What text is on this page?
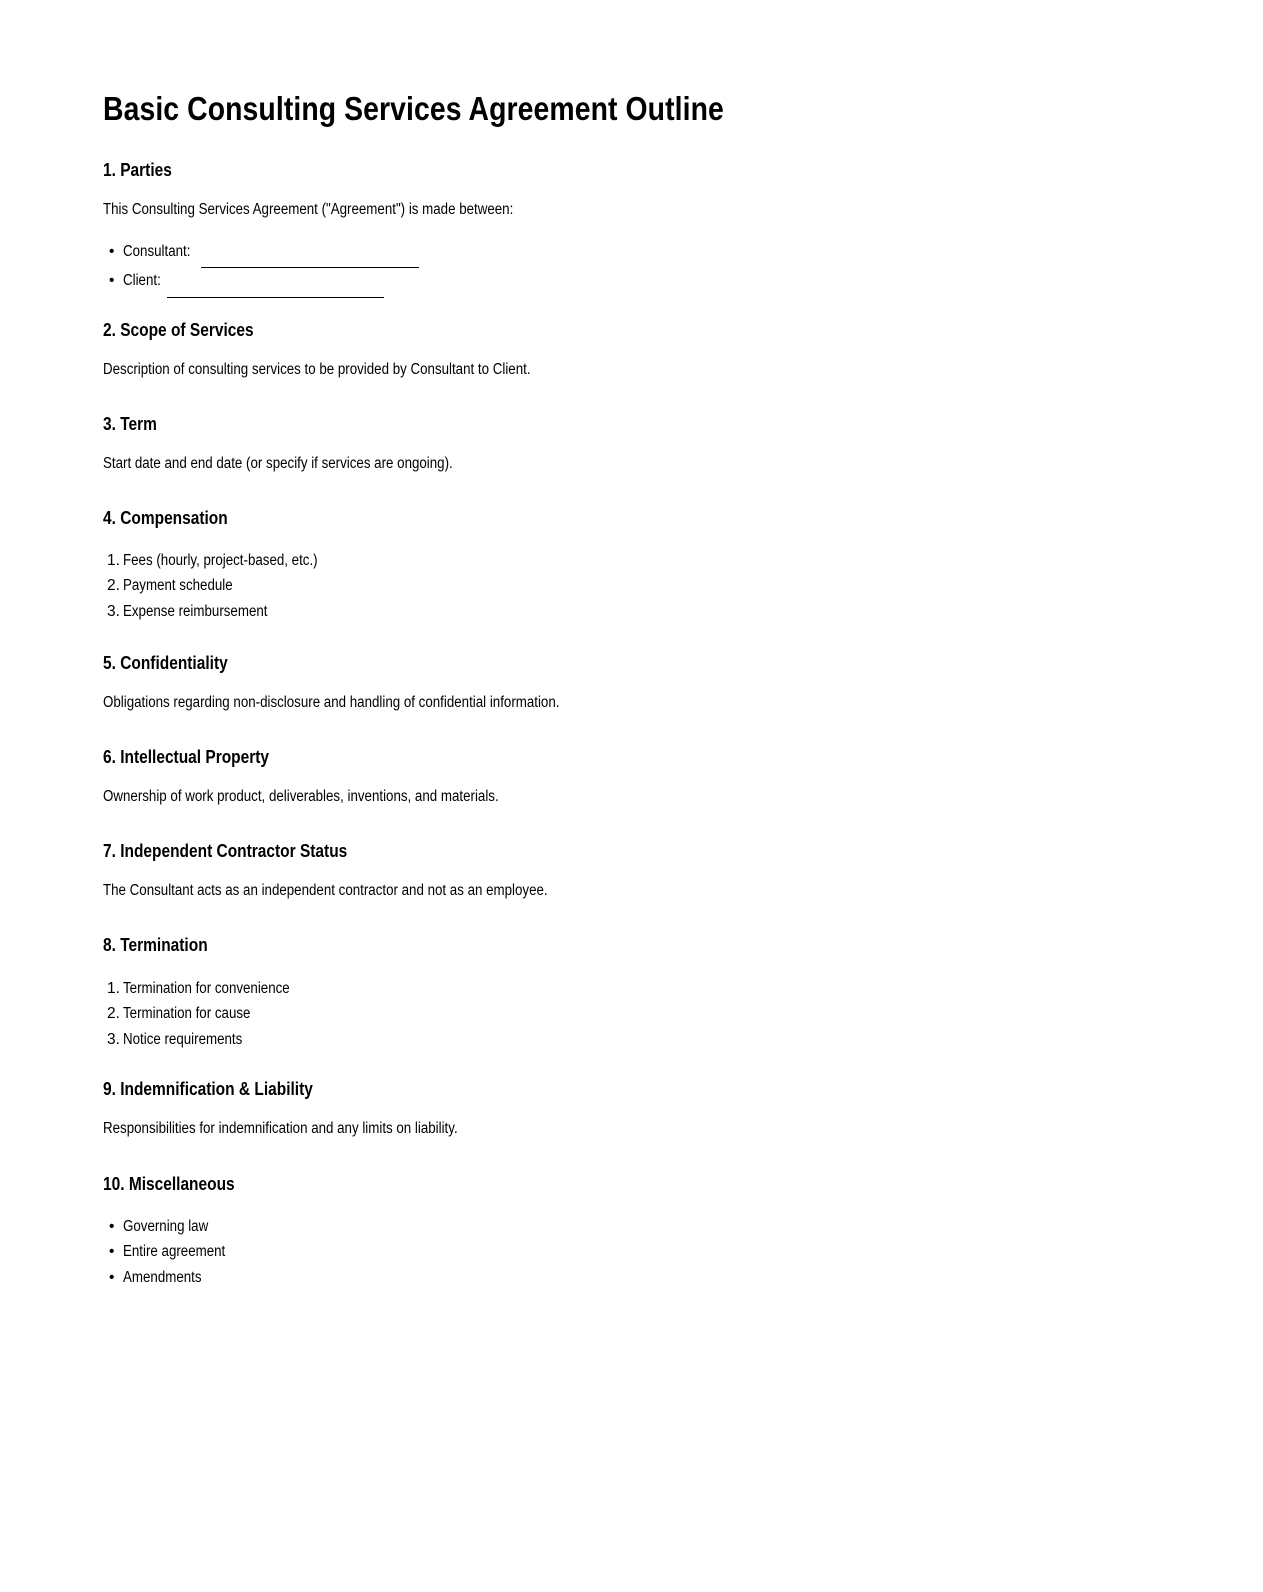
Basic Consulting Services Agreement Outline
1. Parties

This Consulting Services Agreement ("Agreement") is made between:

• Consultant:
• Client:
2. Scope of Services

Description of consulting services to be provided by Consultant to Client.

3. Term

Start date and end date (or specify if services are ongoing).

4. Compensation
1. Fees (hourly, project-based, etc.)
2. Payment schedule
3. Expense reimbursement
5. Confidentiality

Obligations regarding non-disclosure and handling of confidential information.

6. Intellectual Property

Ownership of work product, deliverables, inventions, and materials.

7. Independent Contractor Status

The Consultant acts as an independent contractor and not as an employee.

8. Termination
1. Termination for convenience
2. Termination for cause
3. Notice requirements
9. Indemnification & Liability

Responsibilities for indemnification and any limits on liability.

10. Miscellaneous
• Governing law
• Entire agreement
• Amendments
